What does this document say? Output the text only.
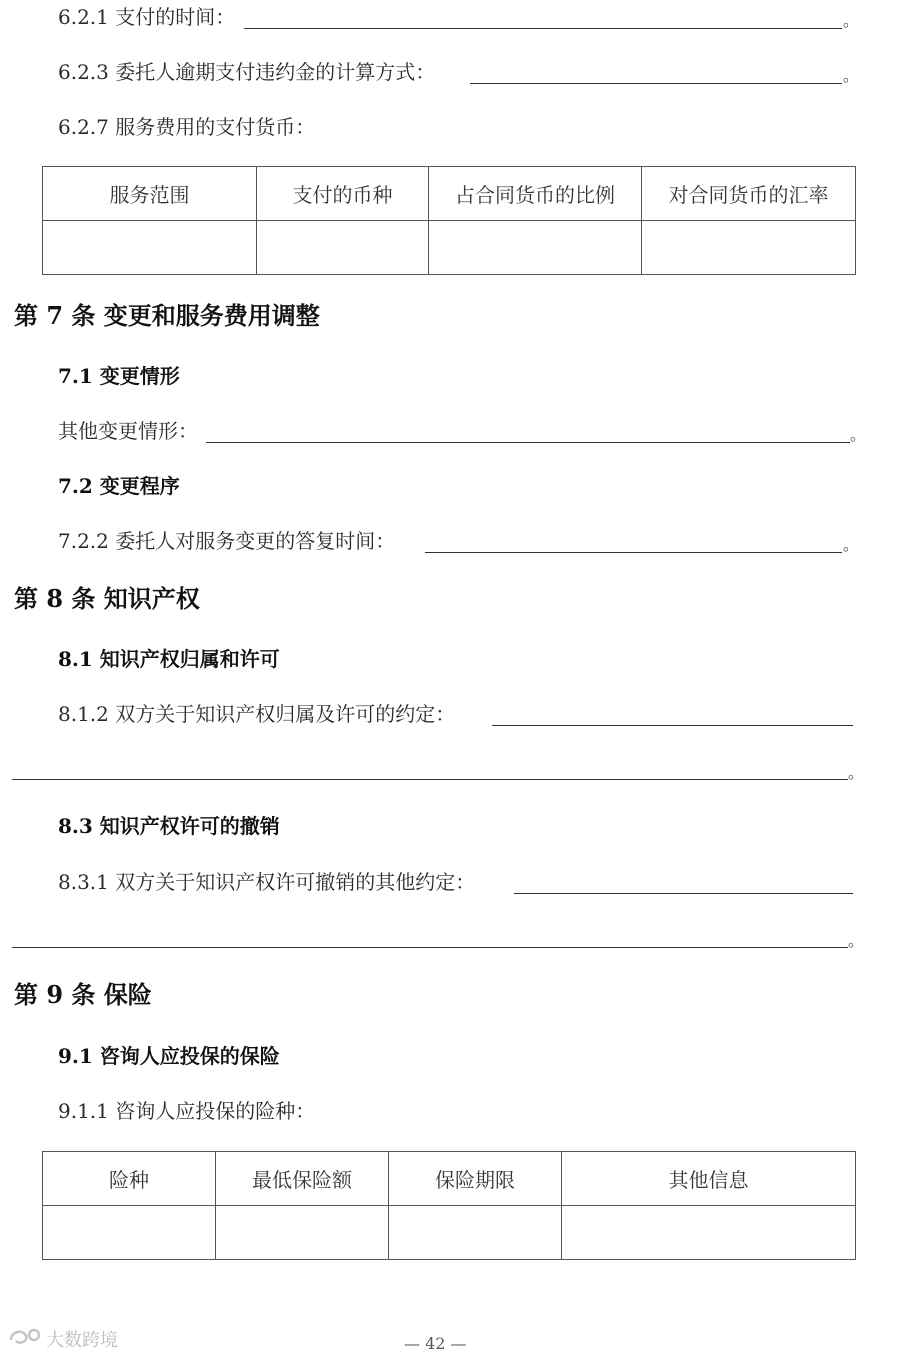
6.2.1 支付的时间：	。
6.2.3 委托人逾期支付违约金的计算方式：	。
6.2.7 服务费用的支付货币：
服务范围	支付的币种	占合同货币的比例	对合同货币的汇率

第 7 条 变更和服务费用调整
7.1 变更情形
其他变更情形：	。
7.2 变更程序
7.2.2 委托人对服务变更的答复时间：	。
第 8 条 知识产权
8.1 知识产权归属和许可
8.1.2 双方关于知识产权归属及许可的约定：
。
8.3 知识产权许可的撤销
8.3.1 双方关于知识产权许可撤销的其他约定：
。
第 9 条 保险
9.1 咨询人应投保的保险
9.1.1 咨询人应投保的险种：
险种	最低保险额	保险期限	其他信息

— 42 —
大数跨境
